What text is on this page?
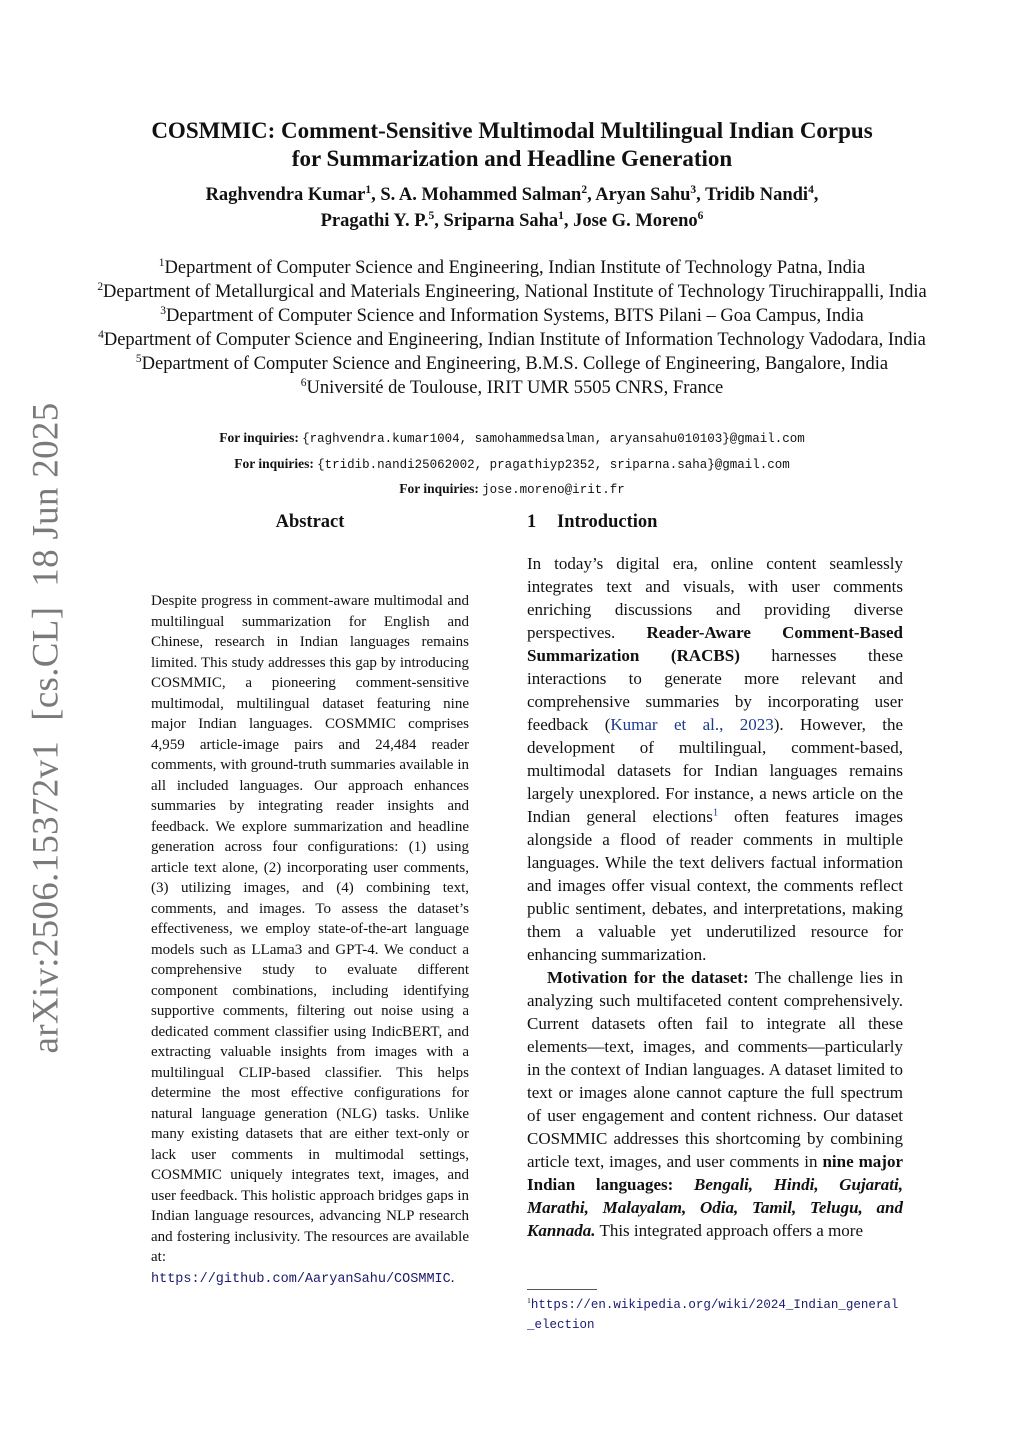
arXiv:2506.15372v1[cs.CL]18 Jun 2025
COSMMIC: Comment-Sensitive Multimodal Multilingual Indian Corpus
for Summarization and Headline Generation
Raghvendra Kumar$^1$, S. A. Mohammed Salman$^2$, Aryan Sahu$^3$, Tridib Nandi$^4$,
Pragathi Y. P.$^5$, Sriparna Saha$^1$, Jose G. Moreno$^6$
$^1$Department of Computer Science and Engineering, Indian Institute of Technology Patna, India
$^2$Department of Metallurgical and Materials Engineering, National Institute of Technology Tiruchirappalli, India
$^3$Department of Computer Science and Information Systems, BITS Pilani – Goa Campus, India
$^4$Department of Computer Science and Engineering, Indian Institute of Information Technology Vadodara, India
$^5$Department of Computer Science and Engineering, B.M.S. College of Engineering, Bangalore, India
$^6$Université de Toulouse, IRIT UMR 5505 CNRS, France
For inquiries: {raghvendra.kumar1004, samohammedsalman, aryansahu010103}@gmail.com
For inquiries: {tridib.nandi25062002, pragathiyp2352, sriparna.saha}@gmail.com
For inquiries: jose.moreno@irit.fr
Abstract
Despite progress in comment-aware multimodal and multilingual summarization for English and Chinese, research in Indian languages remains limited. This study addresses this gap by introducing COSMMIC, a pioneering comment-sensitive multimodal, multilingual dataset featuring nine major Indian languages. COSMMIC comprises 4,959 article-image pairs and 24,484 reader comments, with ground-truth summaries available in all included languages. Our approach enhances summaries by integrating reader insights and feedback. We explore summarization and headline generation across four configurations: (1) using article text alone, (2) incorporating user comments, (3) utilizing images, and (4) combining text, comments, and images. To assess the dataset’s effectiveness, we employ state-of-the-art language models such as LLama3 and GPT-4. We conduct a comprehensive study to evaluate different component combinations, including identifying supportive comments, filtering out noise using a dedicated comment classifier using IndicBERT, and extracting valuable insights from images with a multilingual CLIP-based classifier. This helps determine the most effective configurations for natural language generation (NLG) tasks. Unlike many existing datasets that are either text-only or lack user comments in multimodal settings, COSMMIC uniquely integrates text, images, and user feedback. This holistic approach bridges gaps in Indian language resources, advancing NLP research and fostering inclusivity. The resources are available at: https://github.com/AaryanSahu/COSMMIC.
1 Introduction

In today’s digital era, online content seamlessly integrates text and visuals, with user comments enriching discussions and providing diverse perspectives. Reader-Aware Comment-Based Summarization (RACBS) harnesses these interactions to generate more relevant and comprehensive summaries by incorporating user feedback (Kumar et al., 2023). However, the development of multilingual, comment-based, multimodal datasets for Indian languages remains largely unexplored. For instance, a news article on the Indian general elections$^1$ often features images alongside a flood of reader comments in multiple languages. While the text delivers factual information and images offer visual context, the comments reflect public sentiment, debates, and interpretations, making them a valuable yet underutilized resource for enhancing summarization.

Motivation for the dataset: The challenge lies in analyzing such multifaceted content comprehensively. Current datasets often fail to integrate all these elements—text, images, and comments—particularly in the context of Indian languages. A dataset limited to text or images alone cannot capture the full spectrum of user engagement and content richness. Our dataset COSMMIC addresses this shortcoming by combining article text, images, and user comments in nine major Indian languages: Bengali, Hindi, Gujarati, Marathi, Malayalam, Odia, Tamil, Telugu, and Kannada. This integrated approach offers a more

$^1$https://en.wikipedia.org/wiki/2024_Indian_general_election
